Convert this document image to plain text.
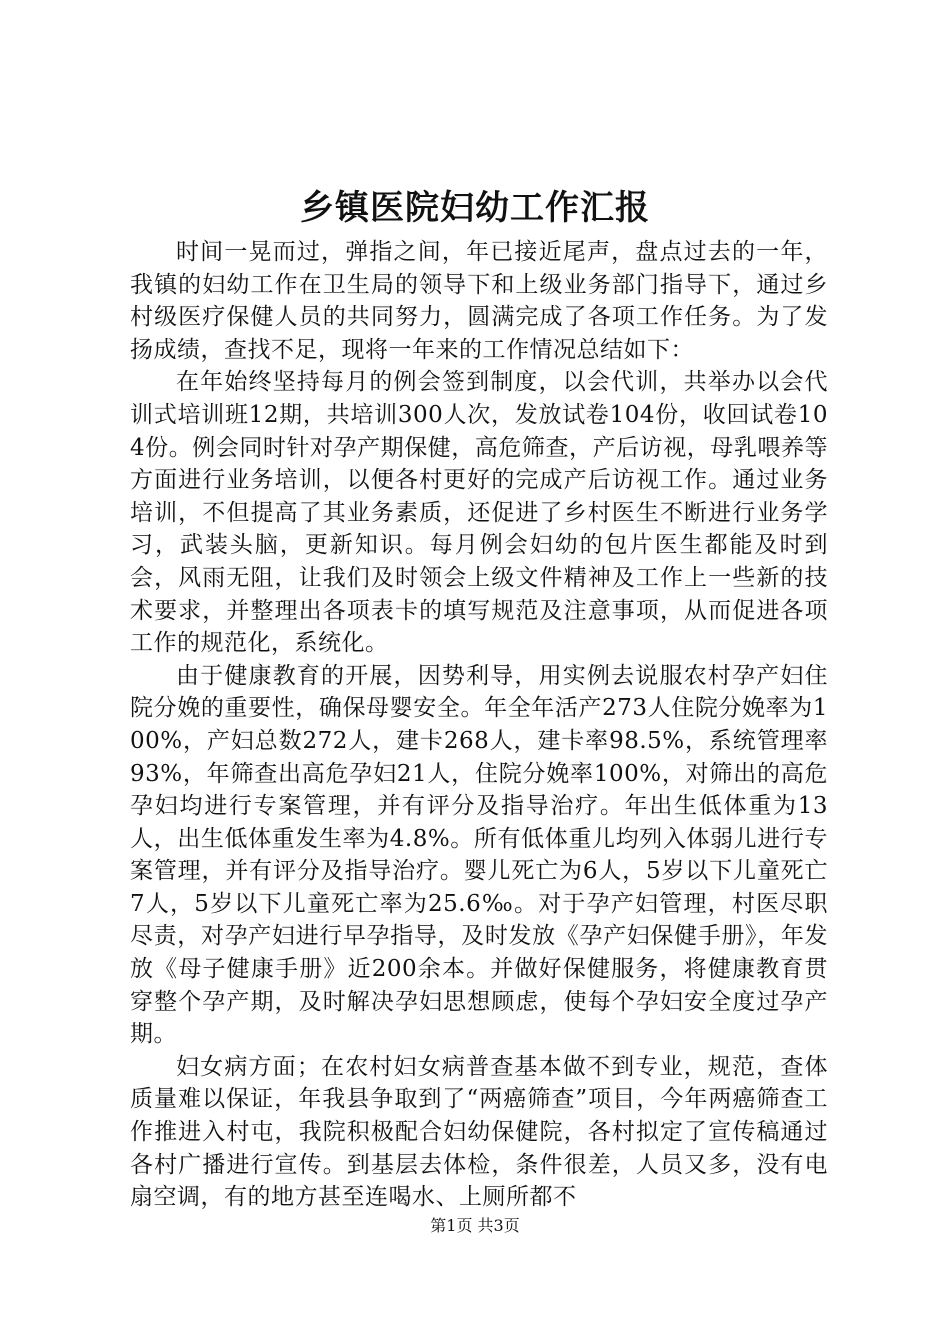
乡镇医院妇幼工作汇报

时间一晃而过，弹指之间，年已接近尾声，盘点过去的一年，我镇的妇幼工作在卫生局的领导下和上级业务部门指导下，通过乡村级医疗保健人员的共同努力，圆满完成了各项工作任务。为了发扬成绩，查找不足，现将一年来的工作情况总结如下：

在年始终坚持每月的例会签到制度，以会代训，共举办以会代训式培训班12期，共培训300人次，发放试卷104份，收回试卷104份。例会同时针对孕产期保健，高危筛查，产后访视，母乳喂养等方面进行业务培训，以便各村更好的完成产后访视工作。通过业务培训，不但提高了其业务素质，还促进了乡村医生不断进行业务学习，武装头脑，更新知识。每月例会妇幼的包片医生都能及时到会，风雨无阻，让我们及时领会上级文件精神及工作上一些新的技术要求，并整理出各项表卡的填写规范及注意事项，从而促进各项工作的规范化，系统化。

由于健康教育的开展，因势利导，用实例去说服农村孕产妇住院分娩的重要性，确保母婴安全。年全年活产273人住院分娩率为100%，产妇总数272人，建卡268人，建卡率98.5%，系统管理率93%，年筛查出高危孕妇21人，住院分娩率100%，对筛出的高危孕妇均进行专案管理，并有评分及指导治疗。年出生低体重为13人，出生低体重发生率为4.8%。所有低体重儿均列入体弱儿进行专案管理，并有评分及指导治疗。婴儿死亡为6人，5岁以下儿童死亡7人，5岁以下儿童死亡率为25.6‰。对于孕产妇管理，村医尽职尽责，对孕产妇进行早孕指导，及时发放《孕产妇保健手册》，年发放《母子健康手册》近200余本。并做好保健服务，将健康教育贯穿整个孕产期，及时解决孕妇思想顾虑，使每个孕妇安全度过孕产期。

妇女病方面；在农村妇女病普查基本做不到专业，规范，查体质量难以保证，年我县争取到了“两癌筛查”项目，今年两癌筛查工作推进入村屯，我院积极配合妇幼保健院，各村拟定了宣传稿通过各村广播进行宣传。到基层去体检，条件很差，人员又多，没有电扇空调，有的地方甚至连喝水、上厕所都不

第1页 共3页
